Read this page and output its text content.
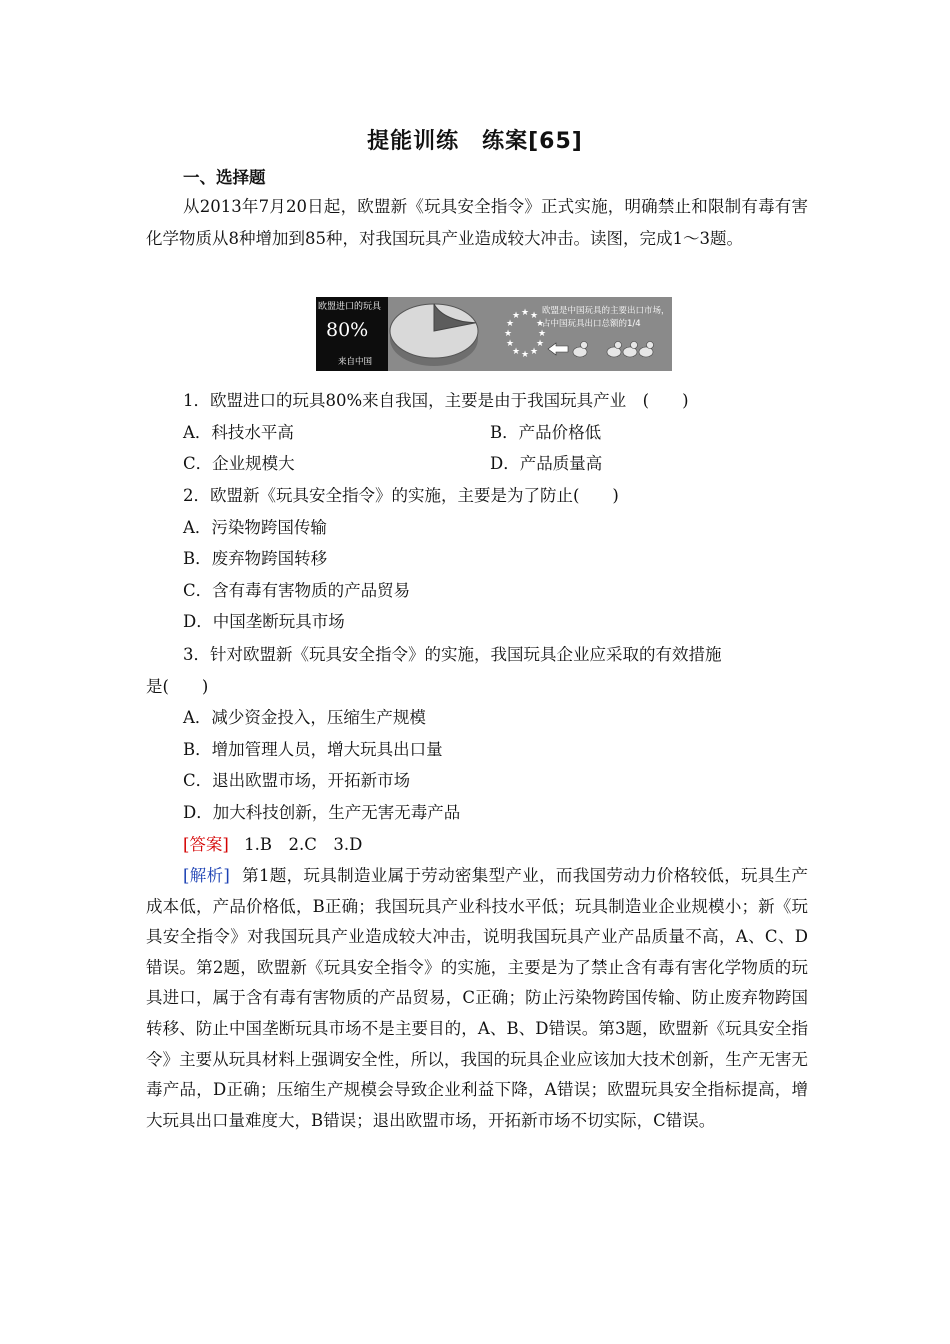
提能训练　练案[65]
一、选择题
从2013年7月20日起，欧盟新《玩具安全指令》正式实施，明确禁止和限制有毒有害化学物质从8种增加到85种，对我国玩具产业造成较大冲击。读图，完成1～3题。
欧盟进口的玩具
80%
来自中国
★ ★
★
★
★
★
★
★
★
★
★
★	欧盟是中国玩具的主要出口市场，占中国玩具出口总额的1/4
1．欧盟进口的玩具80%来自我国，主要是由于我国玩具产业　(　　)
A．科技水平高	B．产品价格低
C．企业规模大	D．产品质量高
2．欧盟新《玩具安全指令》的实施，主要是为了防止(　　)
A．污染物跨国传输
B．废弃物跨国转移
C．含有毒有害物质的产品贸易
D．中国垄断玩具市场
3．针对欧盟新《玩具安全指令》的实施，我国玩具企业应采取的有效措施
是(　　)
A．减少资金投入，压缩生产规模
B．增加管理人员，增大玩具出口量
C．退出欧盟市场，开拓新市场
D．加大科技创新，生产无害无毒产品
[答案] 1.B　2.C　3.D
[解析] 第1题，玩具制造业属于劳动密集型产业，而我国劳动力价格较低，玩具生产成本低，产品价格低，B正确；我国玩具产业科技水平低；玩具制造业企业规模小；新《玩具安全指令》对我国玩具产业造成较大冲击，说明我国玩具产业产品质量不高，A、C、D错误。第2题，欧盟新《玩具安全指令》的实施，主要是为了禁止含有毒有害化学物质的玩具进口，属于含有毒有害物质的产品贸易，C正确；防止污染物跨国传输、防止废弃物跨国转移、防止中国垄断玩具市场不是主要目的，A、B、D错误。第3题，欧盟新《玩具安全指令》主要从玩具材料上强调安全性，所以，我国的玩具企业应该加大技术创新，生产无害无毒产品，D正确；压缩生产规模会导致企业利益下降，A错误；欧盟玩具安全指标提高，增大玩具出口量难度大，B错误；退出欧盟市场，开拓新市场不切实际，C错误。
